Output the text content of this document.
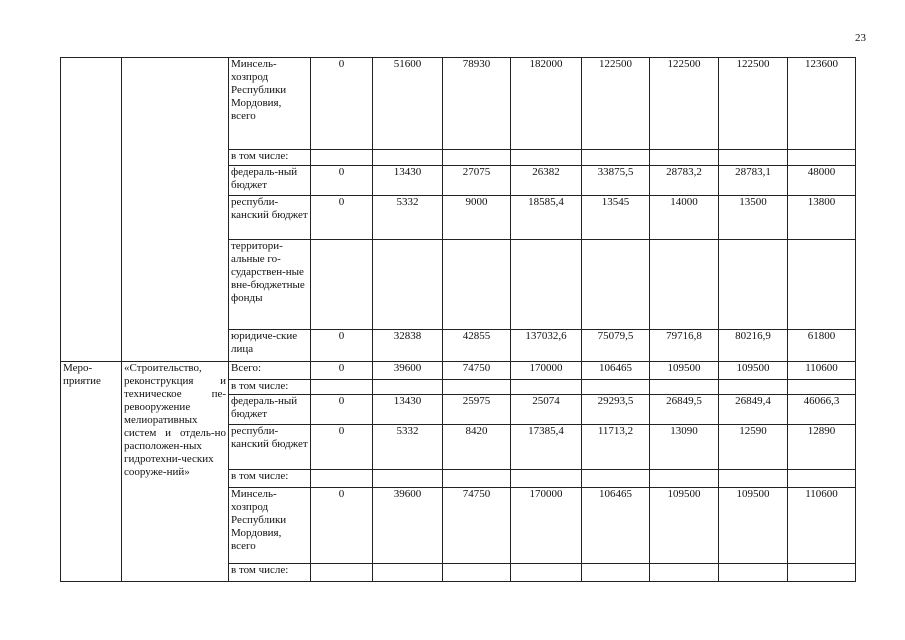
23
		Минсель-хозпрод Республики Мордовия, всего	0	51600	78930	182000	122500	122500	122500	123600
		в том числе:								
		федераль-ный бюджет	0	13430	27075	26382	33875,5	28783,2	28783,1	48000
		республи-канский бюджет	0	5332	9000	18585,4	13545	14000	13500	13800
		территори-альные го-сударствен-ные вне-бюджетные фонды								
		юридиче-ские лица	0	32838	42855	137032,6	75079,5	79716,8	80216,9	61800
Меро-приятие	«Строительство, реконструкция и техническое пе-ревооружение мелиоративных систем и отдель-но расположен-ных гидротехни-ческих сооруже-ний»	Всего:	0	39600	74750	170000	106465	109500	109500	110600
		в том числе:								
		федераль-ный бюджет	0	13430	25975	25074	29293,5	26849,5	26849,4	46066,3
		республи-канский бюджет	0	5332	8420	17385,4	11713,2	13090	12590	12890
		в том числе:								
		Минсель-хозпрод Республики Мордовия, всего	0	39600	74750	170000	106465	109500	109500	110600
		в том числе:								
